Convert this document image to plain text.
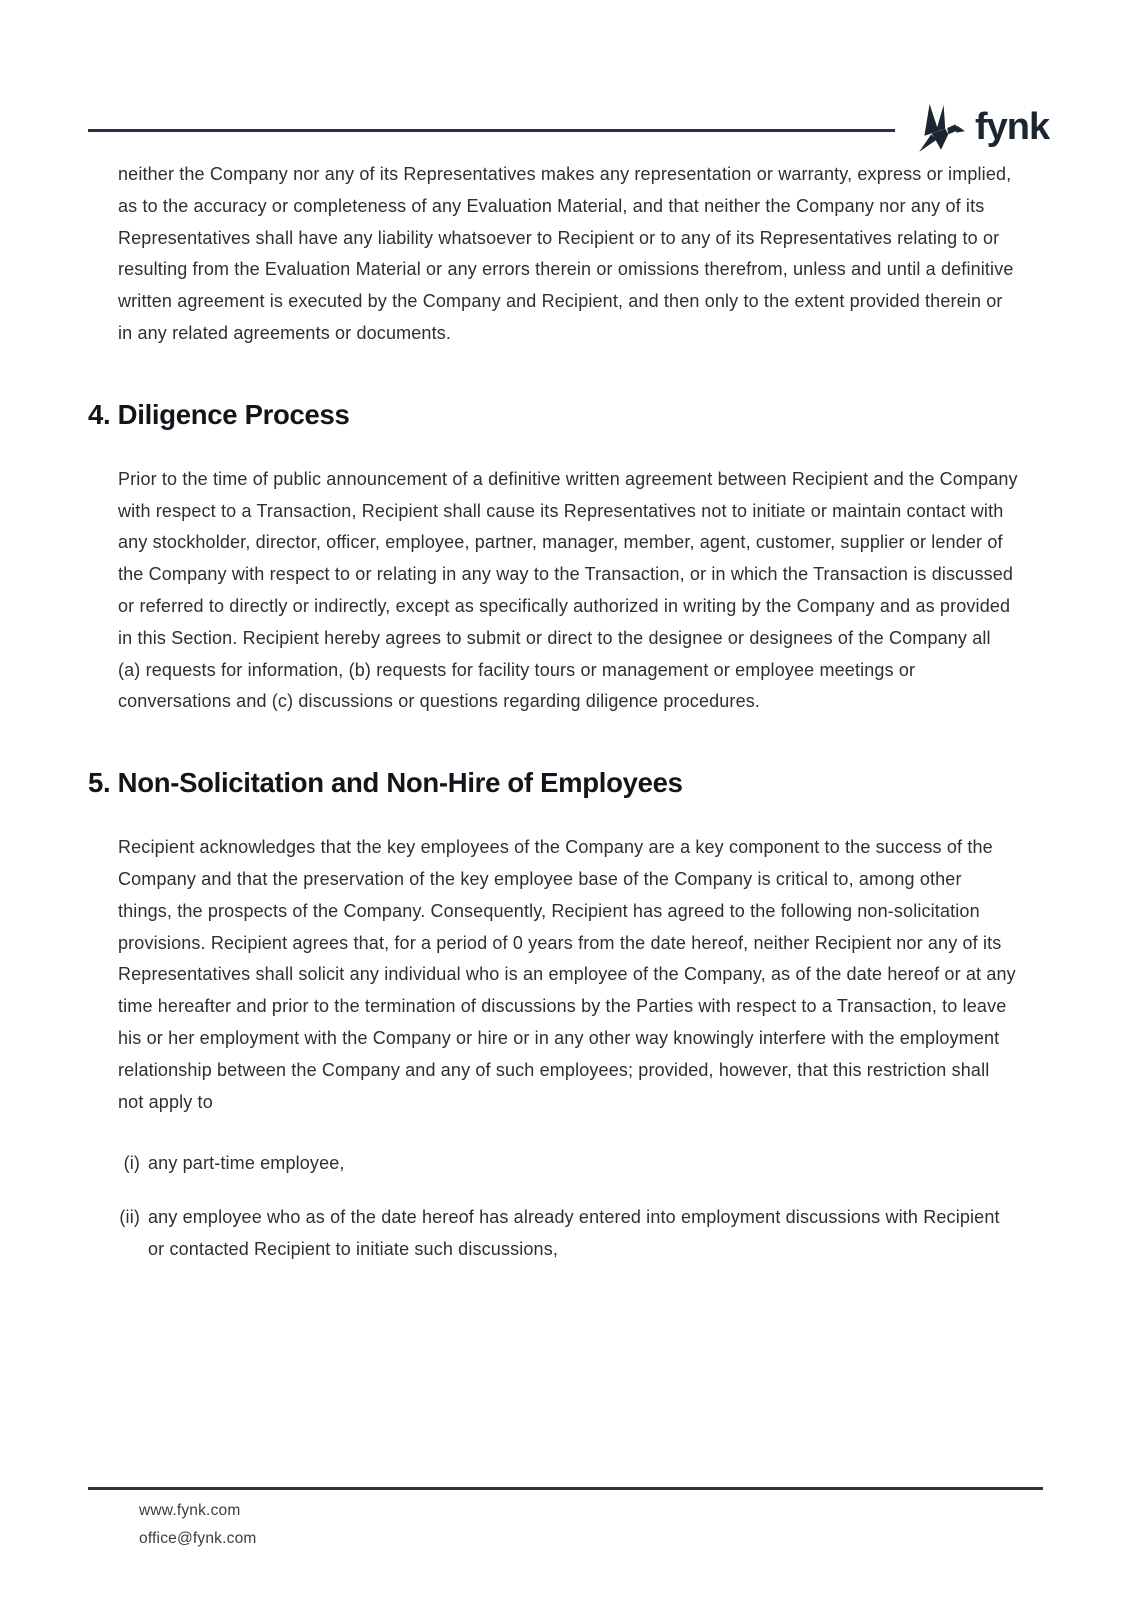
fynk

neither the Company nor any of its Representatives makes any representation or warranty, express or implied, as to the accuracy or completeness of any Evaluation Material, and that neither the Company nor any of its Representatives shall have any liability whatsoever to Recipient or to any of its Representatives relating to or resulting from the Evaluation Material or any errors therein or omissions therefrom, unless and until a definitive written agreement is executed by the Company and Recipient, and then only to the extent provided therein or in any related agreements or documents.

4. Diligence Process

Prior to the time of public announcement of a definitive written agreement between Recipient and the Company with respect to a Transaction, Recipient shall cause its Representatives not to initiate or maintain contact with any stockholder, director, officer, employee, partner, manager, member, agent, customer, supplier or lender of the Company with respect to or relating in any way to the Transaction, or in which the Transaction is discussed or referred to directly or indirectly, except as specifically authorized in writing by the Company and as provided in this Section. Recipient hereby agrees to submit or direct to the designee or designees of the Company all (a) requests for information, (b) requests for facility tours or management or employee meetings or conversations and (c) discussions or questions regarding diligence procedures.

5. Non-Solicitation and Non-Hire of Employees

Recipient acknowledges that the key employees of the Company are a key component to the success of the Company and that the preservation of the key employee base of the Company is critical to, among other things, the prospects of the Company. Consequently, Recipient has agreed to the following non-solicitation provisions. Recipient agrees that, for a period of 0 years from the date hereof, neither Recipient nor any of its Representatives shall solicit any individual who is an employee of the Company, as of the date hereof or at any time hereafter and prior to the termination of discussions by the Parties with respect to a Transaction, to leave his or her employment with the Company or hire or in any other way knowingly interfere with the employment relationship between the Company and any of such employees; provided, however, that this restriction shall not apply to

(i) any part-time employee,
(ii) any employee who as of the date hereof has already entered into employment discussions with Recipient or contacted Recipient to initiate such discussions,
www.fynk.com
office@fynk.com
